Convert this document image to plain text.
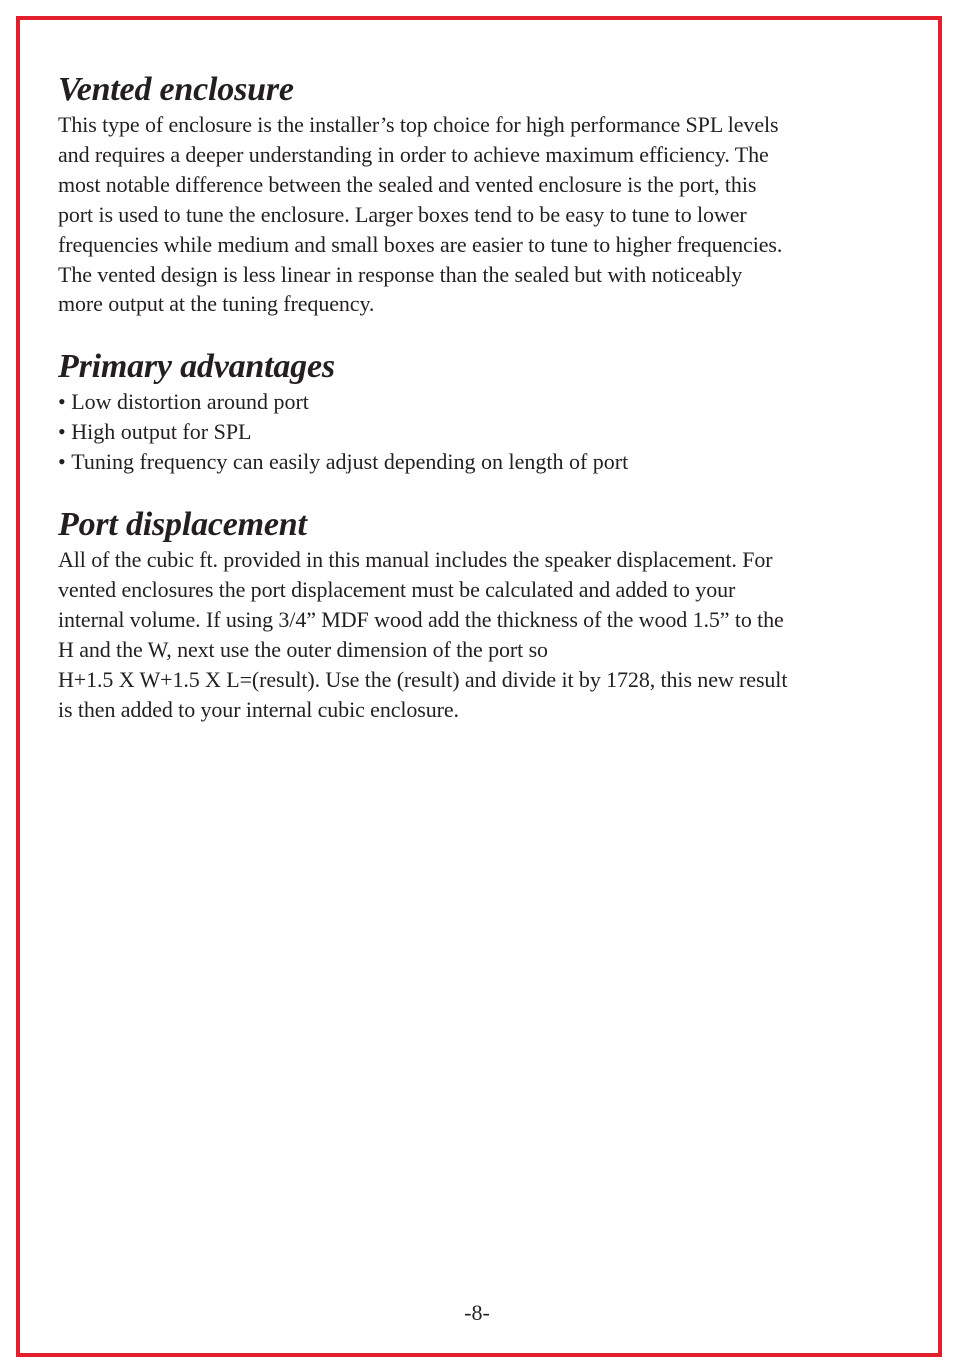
Vented enclosure

This type of enclosure is the installer’s top choice for high performance SPL levels
and requires a deeper understanding in order to achieve maximum efficiency. The
most notable difference between the sealed and vented enclosure is the port, this
port is used to tune the enclosure. Larger boxes tend to be easy to tune to lower
frequencies while medium and small boxes are easier to tune to higher frequencies.
The vented design is less linear in response than the sealed but with noticeably
more output at the tuning frequency.

Primary advantages
• Low distortion around port
• High output for SPL
• Tuning frequency can easily adjust depending on length of port
Port displacement

All of the cubic ft. provided in this manual includes the speaker displacement. For
vented enclosures the port displacement must be calculated and added to your
internal volume. If using 3/4” MDF wood add the thickness of the wood 1.5” to the
H and the W, next use the outer dimension of the port so
H+1.5 X W+1.5 X L=(result). Use the (result) and divide it by 1728, this new result
is then added to your internal cubic enclosure.

-8-
